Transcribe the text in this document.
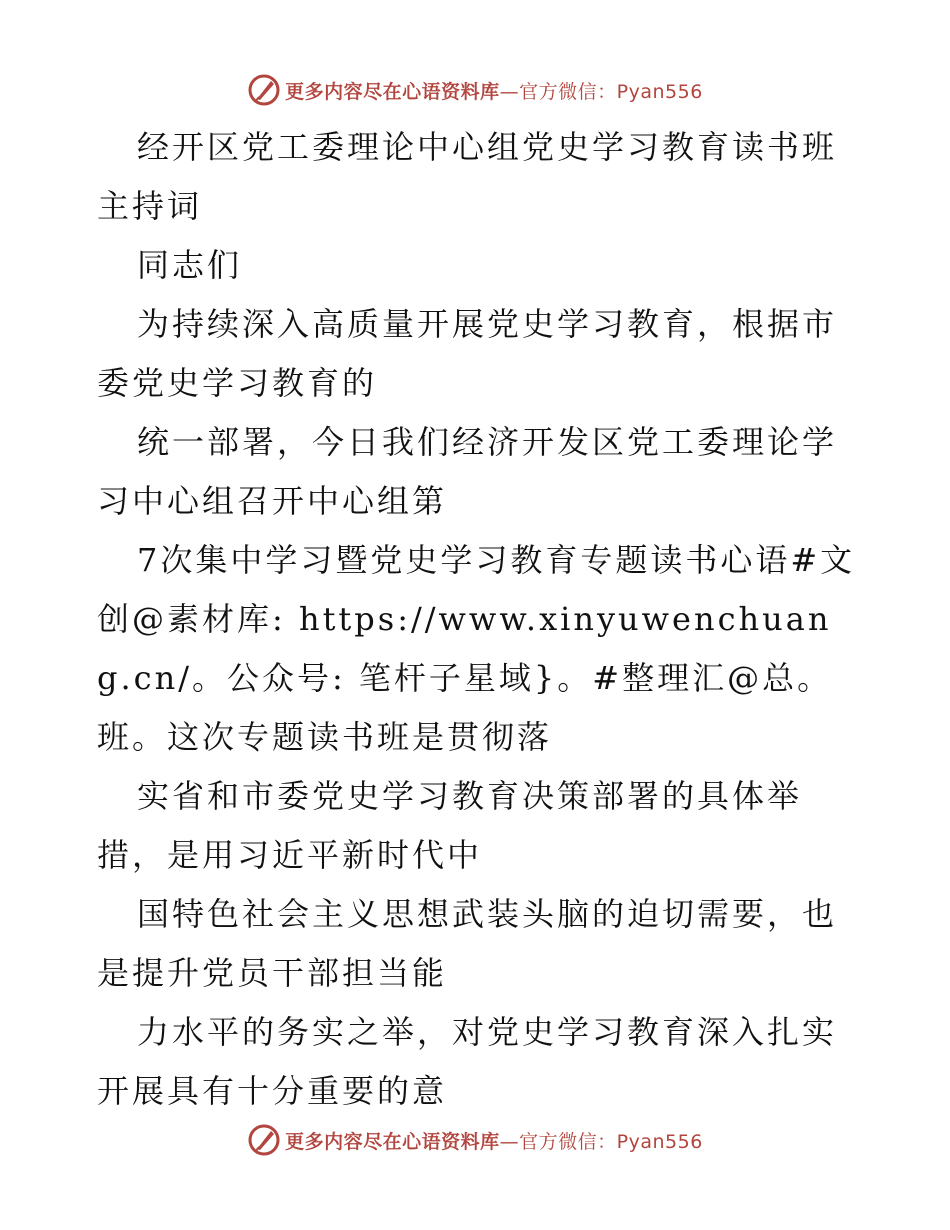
更多内容尽在心语资料库—官方微信：Pyan556

经开区党工委理论中心组党史学习教育读书班主持词

同志们

为持续深入高质量开展党史学习教育，根据市委党史学习教育的

统一部署，今日我们经济开发区党工委理论学习中心组召开中心组第

7次集中学习暨党史学习教育专题读书心语#文创@素材库: https://www.xinyuwenchuang.cn/。公众号: 笔杆子星域}。#整理汇@总。班。这次专题读书班是贯彻落

实省和市委党史学习教育决策部署的具体举措，是用习近平新时代中

国特色社会主义思想武装头脑的迫切需要，也是提升党员干部担当能

力水平的务实之举，对党史学习教育深入扎实开展具有十分重要的意

更多内容尽在心语资料库—官方微信：Pyan556
